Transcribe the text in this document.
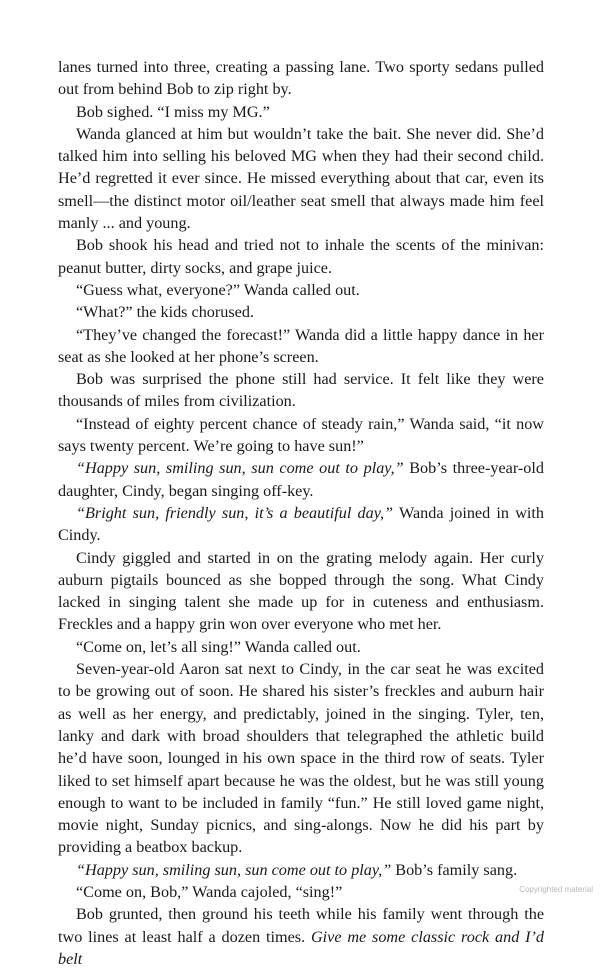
lanes turned into three, creating a passing lane. Two sporty sedans pulled out from behind Bob to zip right by.

Bob sighed. “I miss my MG.”

Wanda glanced at him but wouldn’t take the bait. She never did. She’d talked him into selling his beloved MG when they had their second child. He’d regretted it ever since. He missed everything about that car, even its smell—the distinct motor oil/leather seat smell that always made him feel manly ... and young.

Bob shook his head and tried not to inhale the scents of the minivan: peanut butter, dirty socks, and grape juice.

“Guess what, everyone?” Wanda called out.

“What?” the kids chorused.

“They’ve changed the forecast!” Wanda did a little happy dance in her seat as she looked at her phone’s screen.

Bob was surprised the phone still had service. It felt like they were thousands of miles from civilization.

“Instead of eighty percent chance of steady rain,” Wanda said, “it now says twenty percent. We’re going to have sun!”

“Happy sun, smiling sun, sun come out to play,” Bob’s three-year-old daughter, Cindy, began singing off-key.

“Bright sun, friendly sun, it’s a beautiful day,” Wanda joined in with Cindy.

Cindy giggled and started in on the grating melody again. Her curly auburn pigtails bounced as she bopped through the song. What Cindy lacked in singing talent she made up for in cuteness and enthusiasm. Freckles and a happy grin won over everyone who met her.

“Come on, let’s all sing!” Wanda called out.

Seven-year-old Aaron sat next to Cindy, in the car seat he was excited to be growing out of soon. He shared his sister’s freckles and auburn hair as well as her energy, and predictably, joined in the singing. Tyler, ten, lanky and dark with broad shoulders that telegraphed the athletic build he’d have soon, lounged in his own space in the third row of seats. Tyler liked to set himself apart because he was the oldest, but he was still young enough to want to be included in family “fun.” He still loved game night, movie night, Sunday picnics, and sing-alongs. Now he did his part by providing a beatbox backup.

“Happy sun, smiling sun, sun come out to play,” Bob’s family sang.

“Come on, Bob,” Wanda cajoled, “sing!”

Bob grunted, then ground his teeth while his family went through the two lines at least half a dozen times. Give me some classic rock and I’d belt

Copyrighted material
